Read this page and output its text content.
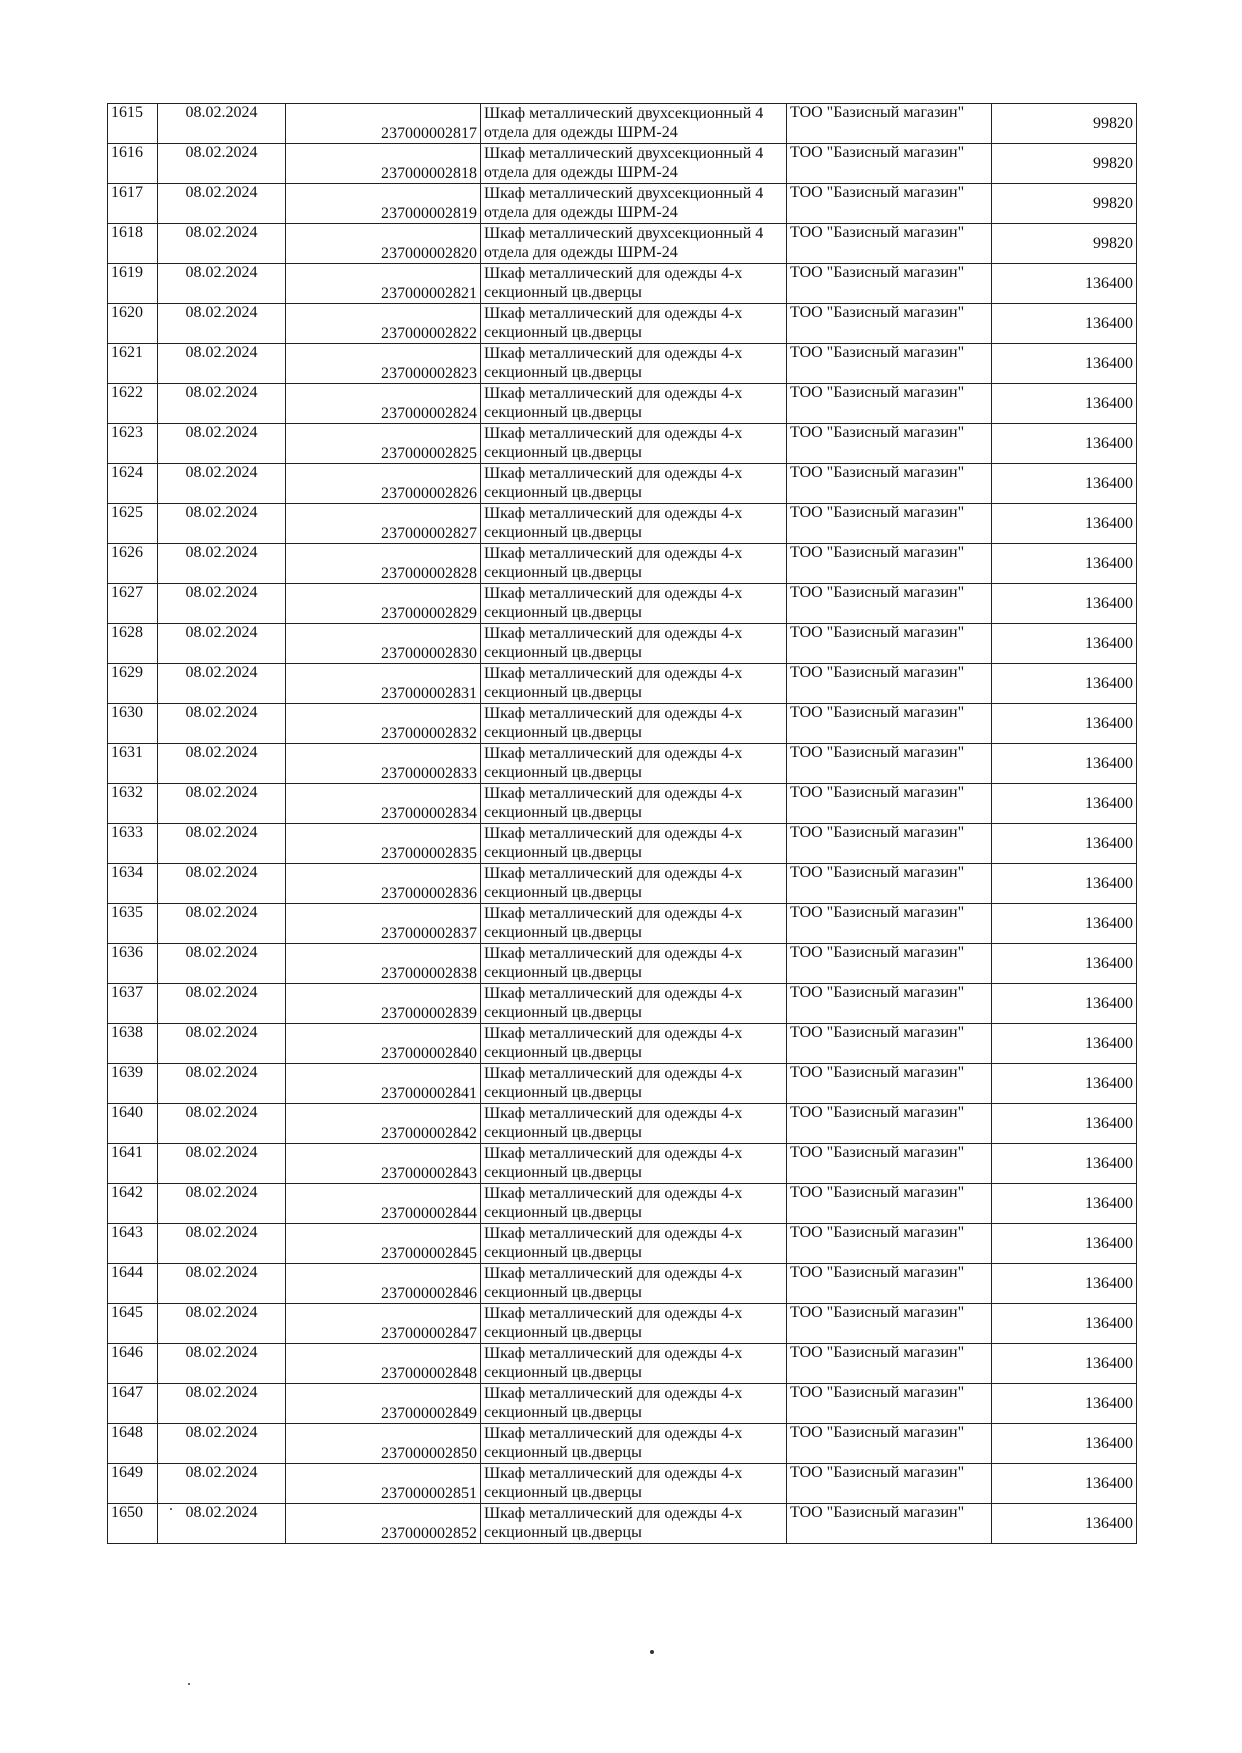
1615	08.02.2024	237000002817	Шкаф металлический двухсекционный 4
отдела для одежды ШРМ-24	ТОО "Базисный магазин"	99820
1616	08.02.2024	237000002818	Шкаф металлический двухсекционный 4
отдела для одежды ШРМ-24	ТОО "Базисный магазин"	99820
1617	08.02.2024	237000002819	Шкаф металлический двухсекционный 4
отдела для одежды ШРМ-24	ТОО "Базисный магазин"	99820
1618	08.02.2024	237000002820	Шкаф металлический двухсекционный 4
отдела для одежды ШРМ-24	ТОО "Базисный магазин"	99820
1619	08.02.2024	237000002821	Шкаф металлический для одежды 4-х
секционный цв.дверцы	ТОО "Базисный магазин"	136400
1620	08.02.2024	237000002822	Шкаф металлический для одежды 4-х
секционный цв.дверцы	ТОО "Базисный магазин"	136400
1621	08.02.2024	237000002823	Шкаф металлический для одежды 4-х
секционный цв.дверцы	ТОО "Базисный магазин"	136400
1622	08.02.2024	237000002824	Шкаф металлический для одежды 4-х
секционный цв.дверцы	ТОО "Базисный магазин"	136400
1623	08.02.2024	237000002825	Шкаф металлический для одежды 4-х
секционный цв.дверцы	ТОО "Базисный магазин"	136400
1624	08.02.2024	237000002826	Шкаф металлический для одежды 4-х
секционный цв.дверцы	ТОО "Базисный магазин"	136400
1625	08.02.2024	237000002827	Шкаф металлический для одежды 4-х
секционный цв.дверцы	ТОО "Базисный магазин"	136400
1626	08.02.2024	237000002828	Шкаф металлический для одежды 4-х
секционный цв.дверцы	ТОО "Базисный магазин"	136400
1627	08.02.2024	237000002829	Шкаф металлический для одежды 4-х
секционный цв.дверцы	ТОО "Базисный магазин"	136400
1628	08.02.2024	237000002830	Шкаф металлический для одежды 4-х
секционный цв.дверцы	ТОО "Базисный магазин"	136400
1629	08.02.2024	237000002831	Шкаф металлический для одежды 4-х
секционный цв.дверцы	ТОО "Базисный магазин"	136400
1630	08.02.2024	237000002832	Шкаф металлический для одежды 4-х
секционный цв.дверцы	ТОО "Базисный магазин"	136400
1631	08.02.2024	237000002833	Шкаф металлический для одежды 4-х
секционный цв.дверцы	ТОО "Базисный магазин"	136400
1632	08.02.2024	237000002834	Шкаф металлический для одежды 4-х
секционный цв.дверцы	ТОО "Базисный магазин"	136400
1633	08.02.2024	237000002835	Шкаф металлический для одежды 4-х
секционный цв.дверцы	ТОО "Базисный магазин"	136400
1634	08.02.2024	237000002836	Шкаф металлический для одежды 4-х
секционный цв.дверцы	ТОО "Базисный магазин"	136400
1635	08.02.2024	237000002837	Шкаф металлический для одежды 4-х
секционный цв.дверцы	ТОО "Базисный магазин"	136400
1636	08.02.2024	237000002838	Шкаф металлический для одежды 4-х
секционный цв.дверцы	ТОО "Базисный магазин"	136400
1637	08.02.2024	237000002839	Шкаф металлический для одежды 4-х
секционный цв.дверцы	ТОО "Базисный магазин"	136400
1638	08.02.2024	237000002840	Шкаф металлический для одежды 4-х
секционный цв.дверцы	ТОО "Базисный магазин"	136400
1639	08.02.2024	237000002841	Шкаф металлический для одежды 4-х
секционный цв.дверцы	ТОО "Базисный магазин"	136400
1640	08.02.2024	237000002842	Шкаф металлический для одежды 4-х
секционный цв.дверцы	ТОО "Базисный магазин"	136400
1641	08.02.2024	237000002843	Шкаф металлический для одежды 4-х
секционный цв.дверцы	ТОО "Базисный магазин"	136400
1642	08.02.2024	237000002844	Шкаф металлический для одежды 4-х
секционный цв.дверцы	ТОО "Базисный магазин"	136400
1643	08.02.2024	237000002845	Шкаф металлический для одежды 4-х
секционный цв.дверцы	ТОО "Базисный магазин"	136400
1644	08.02.2024	237000002846	Шкаф металлический для одежды 4-х
секционный цв.дверцы	ТОО "Базисный магазин"	136400
1645	08.02.2024	237000002847	Шкаф металлический для одежды 4-х
секционный цв.дверцы	ТОО "Базисный магазин"	136400
1646	08.02.2024	237000002848	Шкаф металлический для одежды 4-х
секционный цв.дверцы	ТОО "Базисный магазин"	136400
1647	08.02.2024	237000002849	Шкаф металлический для одежды 4-х
секционный цв.дверцы	ТОО "Базисный магазин"	136400
1648	08.02.2024	237000002850	Шкаф металлический для одежды 4-х
секционный цв.дверцы	ТОО "Базисный магазин"	136400
1649	08.02.2024	237000002851	Шкаф металлический для одежды 4-х
секционный цв.дверцы	ТОО "Базисный магазин"	136400
1650	08.02.2024	237000002852	Шкаф металлический для одежды 4-х
секционный цв.дверцы	ТОО "Базисный магазин"	136400
